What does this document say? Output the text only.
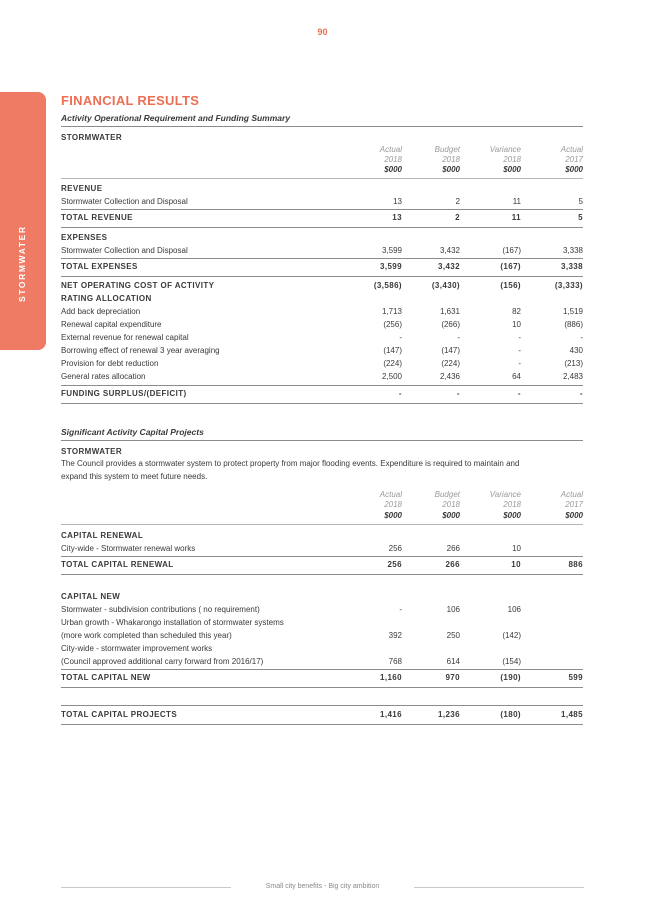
90
STORMWATER
FINANCIAL RESULTS
Activity Operational Requirement and Funding Summary
STORMWATER
Actual	Budget	Variance	Actual
2018	2018	2018	2017
$000	$000	$000	$000
REVENUE
Stormwater Collection and Disposal	13	2	11	5
TOTAL REVENUE	13	2	11	5
EXPENSES
Stormwater Collection and Disposal	3,599	3,432	(167)	3,338
TOTAL EXPENSES	3,599	3,432	(167)	3,338
NET OPERATING COST OF ACTIVITY	(3,586)	(3,430)	(156)	(3,333)
RATING ALLOCATION
Add back depreciation	1,713	1,631	82	1,519
Renewal capital expenditure	(256)	(266)	10	(886)
External revenue for renewal capital	-	-	-	-
Borrowing effect of renewal 3 year averaging	(147)	(147)	-	430
Provision for debt reduction	(224)	(224)	-	(213)
General rates allocation	2,500	2,436	64	2,483
FUNDING SURPLUS/(DEFICIT)	-	-	-	-
Significant Activity Capital Projects
STORMWATER
The Council provides a stormwater system to protect property from major flooding events. Expenditure is required to maintain and
expand this system to meet future needs.
Actual	Budget	Variance	Actual
2018	2018	2018	2017
$000	$000	$000	$000
CAPITAL RENEWAL
City-wide - Stormwater renewal works	256	266	10
TOTAL CAPITAL RENEWAL	256	266	10	886
CAPITAL NEW
Stormwater - subdivision contributions ( no requirement)	-	106	106
Urban growth - Whakarongo installation of stormwater systems
(more work completed than scheduled this year)	392	250	(142)
City-wide - stormwater improvement works
(Council approved additional carry forward from 2016/17)	768	614	(154)
TOTAL CAPITAL NEW	1,160	970	(190)	599
TOTAL CAPITAL PROJECTS	1,416	1,236	(180)	1,485
Small city benefits - Big city ambition
